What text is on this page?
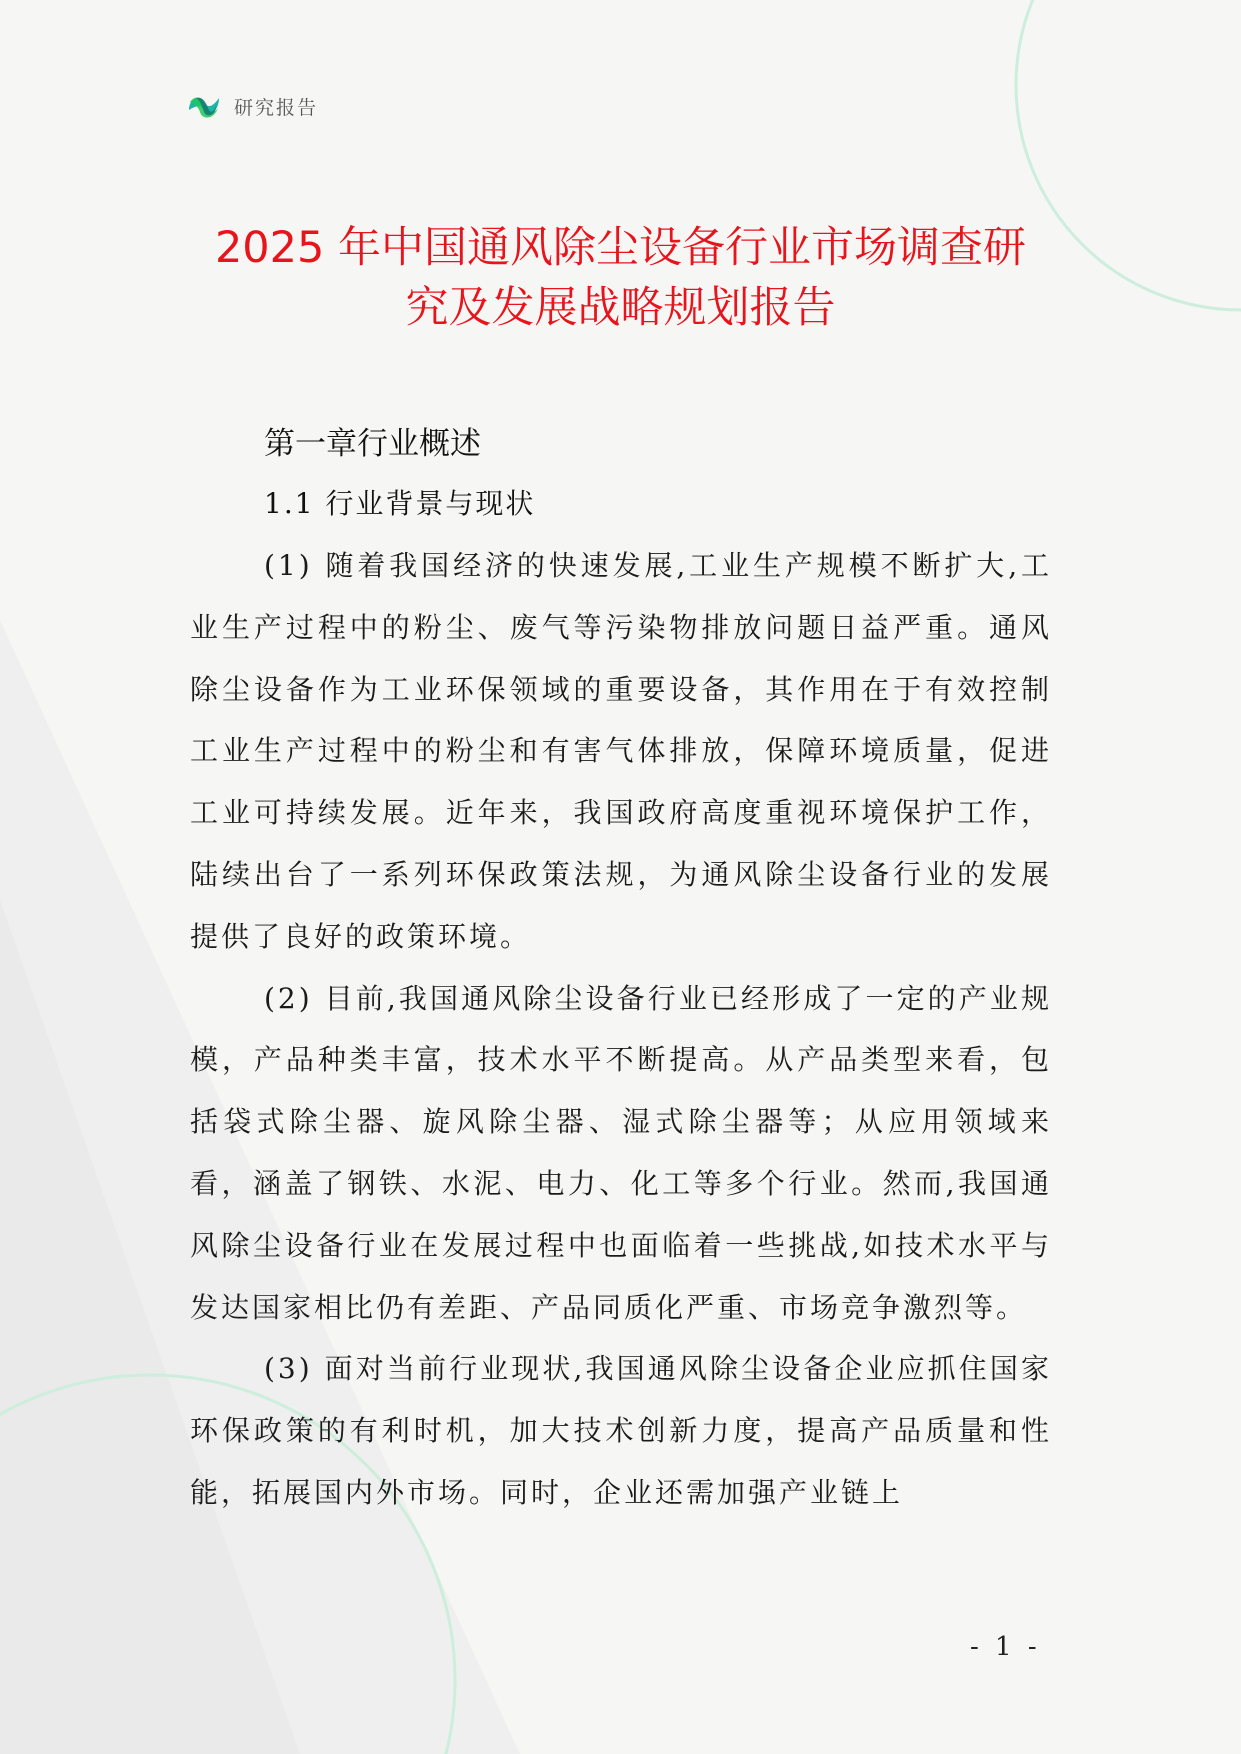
研究报告
2025 年中国通风除尘设备行业市场调查研
究及发展战略规划报告
第一章行业概述
1.1 行业背景与现状

(1) 随着我国经济的快速发展,工业生产规模不断扩大,工业生产过程中的粉尘、废气等污染物排放问题日益严重。通风除尘设备作为工业环保领域的重要设备，其作用在于有效控制工业生产过程中的粉尘和有害气体排放，保障环境质量，促进工业可持续发展。近年来，我国政府高度重视环境保护工作，陆续出台了一系列环保政策法规，为通风除尘设备行业的发展提供了良好的政策环境。

(2) 目前,我国通风除尘设备行业已经形成了一定的产业规模，产品种类丰富，技术水平不断提高。从产品类型来看，包括袋式除尘器、旋风除尘器、湿式除尘器等；从应用领域来看，涵盖了钢铁、水泥、电力、化工等多个行业。然而,我国通风除尘设备行业在发展过程中也面临着一些挑战,如技术水平与发达国家相比仍有差距、产品同质化严重、市场竞争激烈等。

(3) 面对当前行业现状,我国通风除尘设备企业应抓住国家环保政策的有利时机，加大技术创新力度，提高产品质量和性能，拓展国内外市场。同时，企业还需加强产业链上

- 1 -
